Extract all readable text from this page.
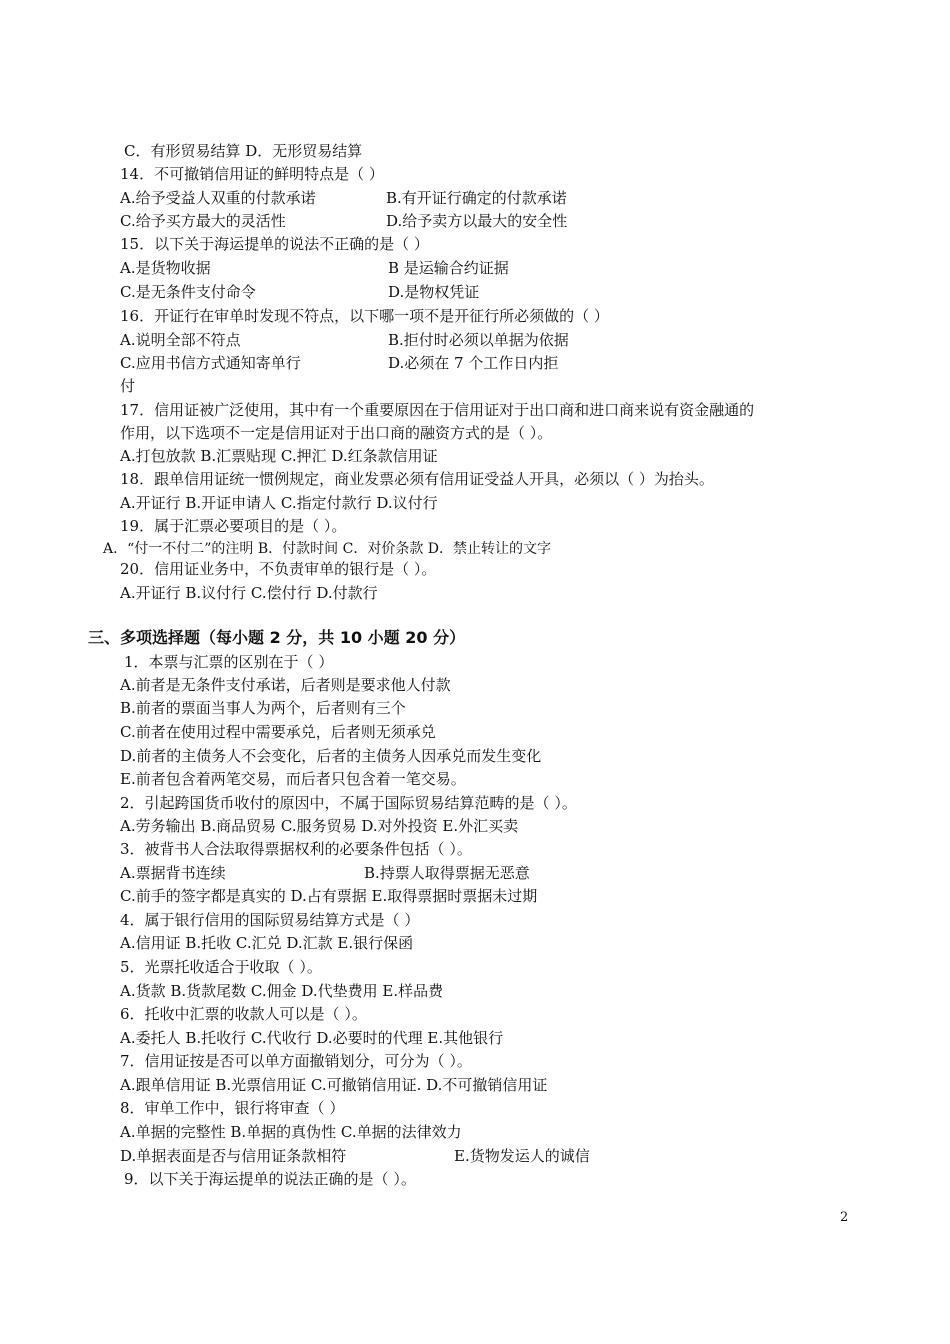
C．有形贸易结算 D．无形贸易结算
14．不可撤销信用证的鲜明特点是（ ）
A.给予受益人双重的付款承诺	B.有开证行确定的付款承诺
C.给予买方最大的灵活性	D.给予卖方以最大的安全性
15．以下关于海运提单的说法不正确的是（ ）
A.是货物收据	B 是运输合约证据
C.是无条件支付命令	D.是物权凭证
16．开证行在审单时发现不符点，以下哪一项不是开征行所必须做的（ ）
A.说明全部不符点	B.拒付时必须以单据为依据
C.应用书信方式通知寄单行	D.必须在 7 个工作日内拒
付
17．信用证被广泛使用，其中有一个重要原因在于信用证对于出口商和进口商来说有资金融通的
作用，以下选项不一定是信用证对于出口商的融资方式的是（ ）。
A.打包放款 B.汇票贴现 C.押汇 D.红条款信用证
18．跟单信用证统一惯例规定，商业发票必须有信用证受益人开具，必须以（ ）为抬头。
A.开证行 B.开证申请人 C.指定付款行 D.议付行
19．属于汇票必要项目的是（ ）。
A．“付一不付二”的注明 B．付款时间 C．对价条款 D．禁止转让的文字
20．信用证业务中，不负责审单的银行是（ ）。
A.开证行 B.议付行 C.偿付行 D.付款行
三、多项选择题（每小题 2 分，共 10 小题 20 分）
1．本票与汇票的区别在于（ ）
A.前者是无条件支付承诺，后者则是要求他人付款
B.前者的票面当事人为两个，后者则有三个
C.前者在使用过程中需要承兑，后者则无须承兑
D.前者的主债务人不会变化，后者的主债务人因承兑而发生变化
E.前者包含着两笔交易，而后者只包含着一笔交易。
2．引起跨国货币收付的原因中，不属于国际贸易结算范畴的是（ ）。
A.劳务输出 B.商品贸易 C.服务贸易 D.对外投资 E.外汇买卖
3．被背书人合法取得票据权利的必要条件包括（ ）。
A.票据背书连续	B.持票人取得票据无恶意
C.前手的签字都是真实的 D.占有票据 E.取得票据时票据未过期
4．属于银行信用的国际贸易结算方式是（ ）
A.信用证 B.托收 C.汇兑 D.汇款 E.银行保函
5．光票托收适合于收取（ ）。
A.货款 B.货款尾数 C.佣金 D.代垫费用 E.样品费
6．托收中汇票的收款人可以是（ ）。
A.委托人 B.托收行 C.代收行 D.必要时的代理 E.其他银行
7．信用证按是否可以单方面撤销划分，可分为（ ）。
A.跟单信用证 B.光票信用证 C.可撤销信用证. D.不可撤销信用证
8．审单工作中，银行将审查（ ）
A.单据的完整性 B.单据的真伪性 C.单据的法律效力
D.单据表面是否与信用证条款相符	E.货物发运人的诚信
9．以下关于海运提单的说法正确的是（ ）。
2
